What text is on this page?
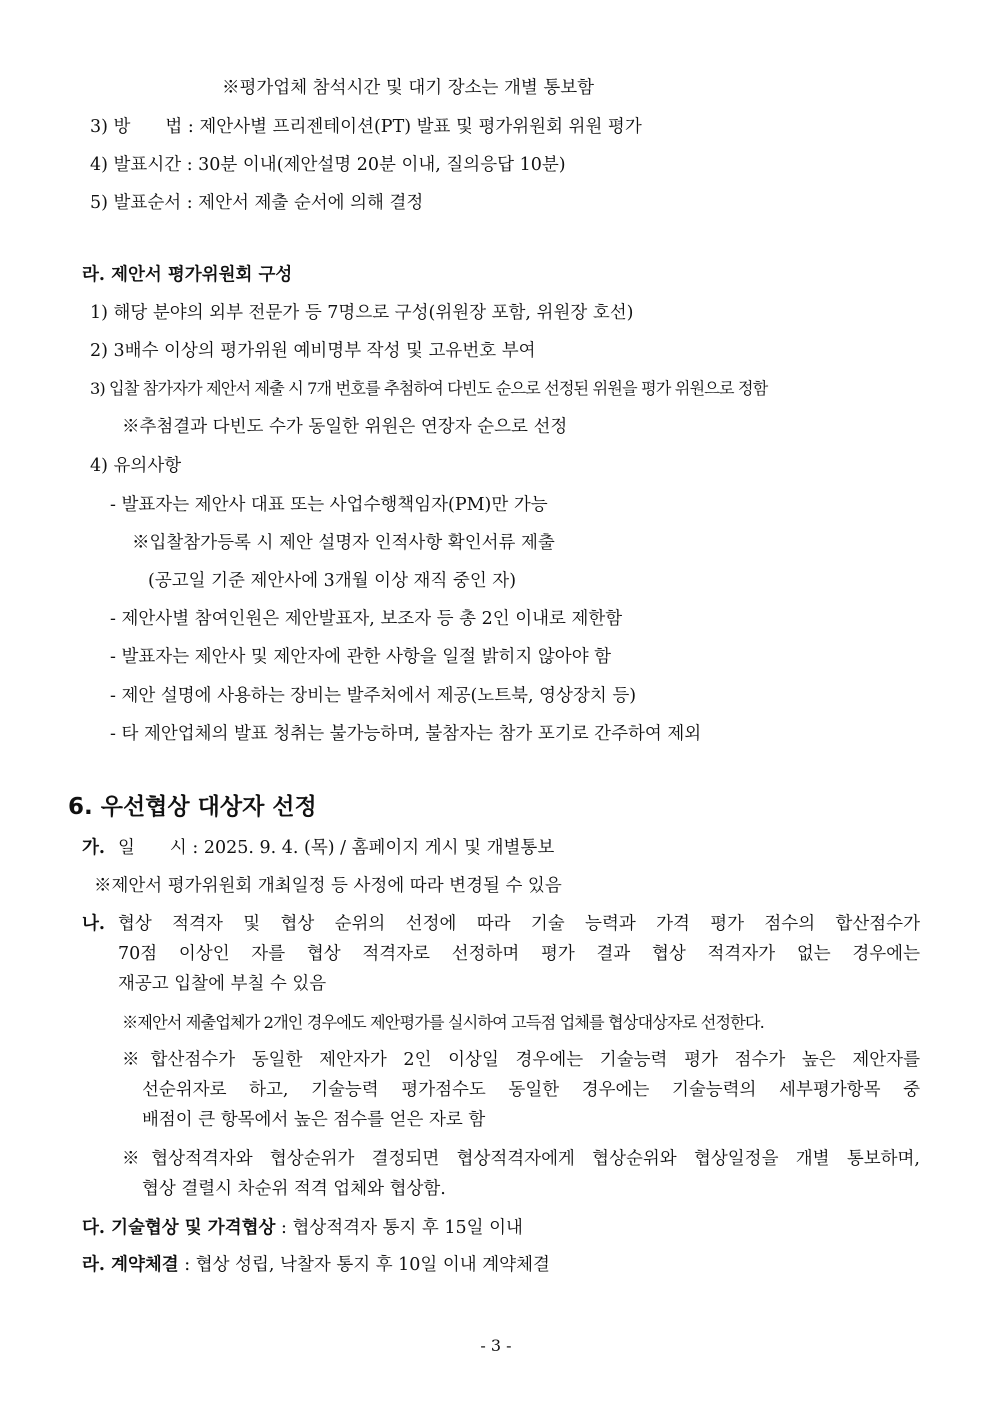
※평가업체 참석시간 및 대기 장소는 개별 통보함
3) 방　　법 : 제안사별 프리젠테이션(PT) 발표 및 평가위원회 위원 평가
4) 발표시간 : 30분 이내(제안설명 20분 이내, 질의응답 10분)
5) 발표순서 : 제안서 제출 순서에 의해 결정
라. 제안서 평가위원회 구성
1) 해당 분야의 외부 전문가 등 7명으로 구성(위원장 포함, 위원장 호선)
2) 3배수 이상의 평가위원 예비명부 작성 및 고유번호 부여
3) 입찰 참가자가 제안서 제출 시 7개 번호를 추첨하여 다빈도 순으로 선정된 위원을 평가 위원으로 정함
※추첨결과 다빈도 수가 동일한 위원은 연장자 순으로 선정
4) 유의사항
- 발표자는 제안사 대표 또는 사업수행책임자(PM)만 가능
※입찰참가등록 시 제안 설명자 인적사항 확인서류 제출
(공고일 기준 제안사에 3개월 이상 재직 중인 자)
- 제안사별 참여인원은 제안발표자, 보조자 등 총 2인 이내로 제한함
- 발표자는 제안사 및 제안자에 관한 사항을 일절 밝히지 않아야 함
- 제안 설명에 사용하는 장비는 발주처에서 제공(노트북, 영상장치 등)
- 타 제안업체의 발표 청취는 불가능하며, 불참자는 참가 포기로 간주하여 제외
6. 우선협상 대상자 선정
가. 일　　시 : 2025. 9. 4. (목) / 홈페이지 게시 및 개별통보
※제안서 평가위원회 개최일정 등 사정에 따라 변경될 수 있음
나. 협상 적격자 및 협상 순위의 선정에 따라 기술 능력과 가격 평가 점수의 합산점수가
70점 이상인 자를 협상 적격자로 선정하며 평가 결과 협상 적격자가 없는 경우에는
재공고 입찰에 부칠 수 있음
※제안서 제출업체가 2개인 경우에도 제안평가를 실시하여 고득점 업체를 협상대상자로 선정한다.
※합산점수가 동일한 제안자가 2인 이상일 경우에는 기술능력 평가 점수가 높은 제안자를
선순위자로 하고, 기술능력 평가점수도 동일한 경우에는 기술능력의 세부평가항목 중
배점이 큰 항목에서 높은 점수를 얻은 자로 함
※협상적격자와 협상순위가 결정되면 협상적격자에게 협상순위와 협상일정을 개별 통보하며,
협상 결렬시 차순위 적격 업체와 협상함.
다. 기술협상 및 가격협상 : 협상적격자 통지 후 15일 이내
라. 계약체결 : 협상 성립, 낙찰자 통지 후 10일 이내 계약체결
- 3 -
